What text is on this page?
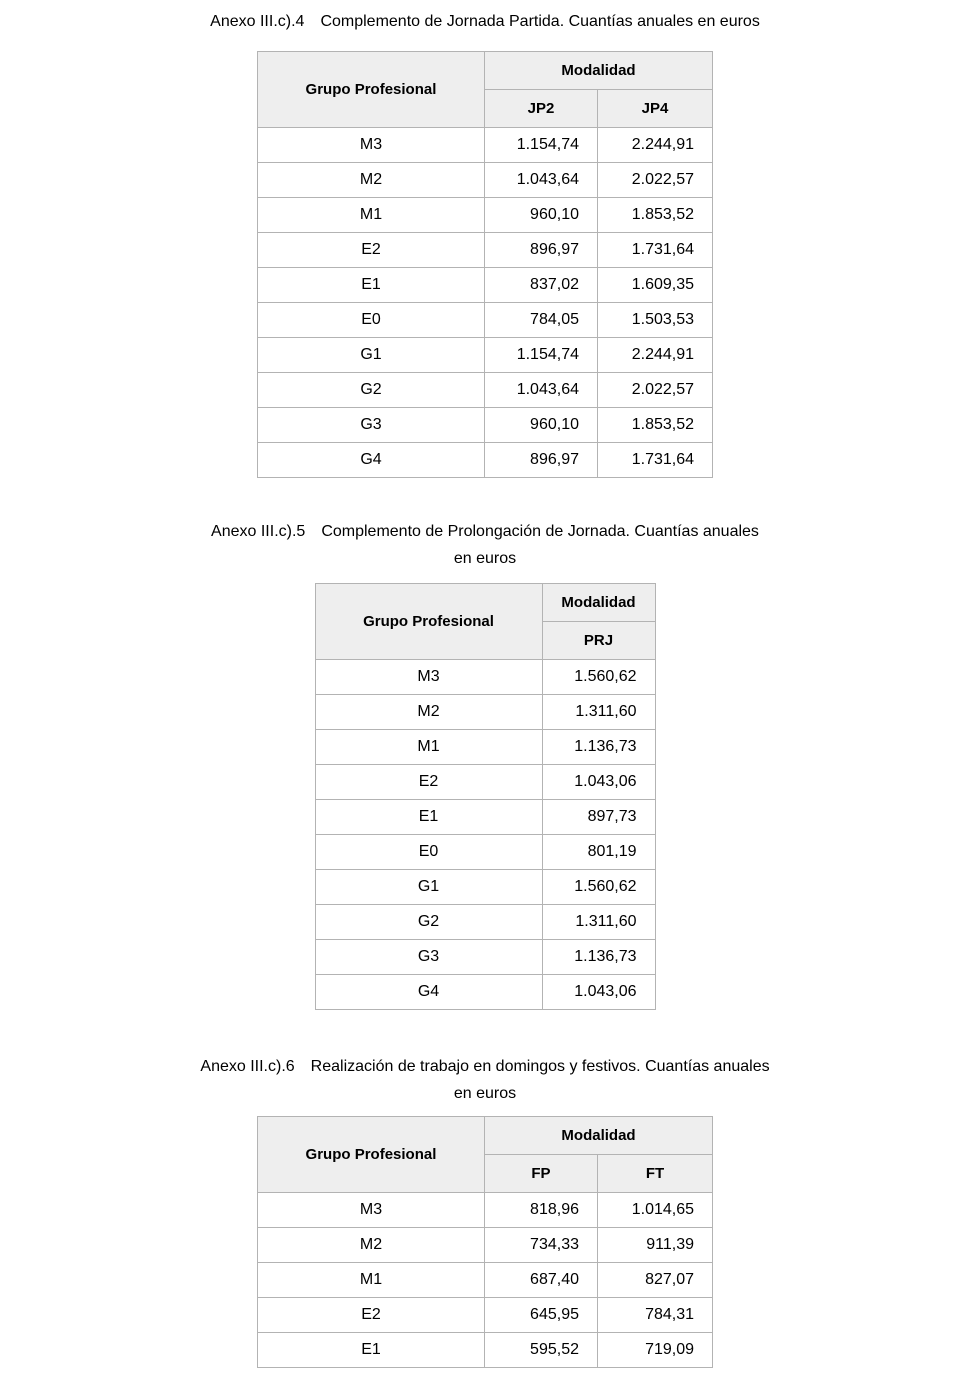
Anexo III.c).4 Complemento de Jornada Partida. Cuantías anuales en euros

Grupo Profesional	Modalidad	
	JP2	JP4
M3	1.154,74	2.244,91
M2	1.043,64	2.022,57
M1	960,10	1.853,52
E2	896,97	1.731,64
E1	837,02	1.609,35
E0	784,05	1.503,53
G1	1.154,74	2.244,91
G2	1.043,64	2.022,57
G3	960,10	1.853,52
G4	896,97	1.731,64

Anexo III.c).5 Complemento de Prolongación de Jornada. Cuantías anuales
en euros

Grupo Profesional	Modalidad
	PRJ
M3	1.560,62
M2	1.311,60
M1	1.136,73
E2	1.043,06
E1	897,73
E0	801,19
G1	1.560,62
G2	1.311,60
G3	1.136,73
G4	1.043,06

Anexo III.c).6 Realización de trabajo en domingos y festivos. Cuantías anuales
en euros

Grupo Profesional	Modalidad	
	FP	FT
M3	818,96	1.014,65
M2	734,33	911,39
M1	687,40	827,07
E2	645,95	784,31
E1	595,52	719,09
